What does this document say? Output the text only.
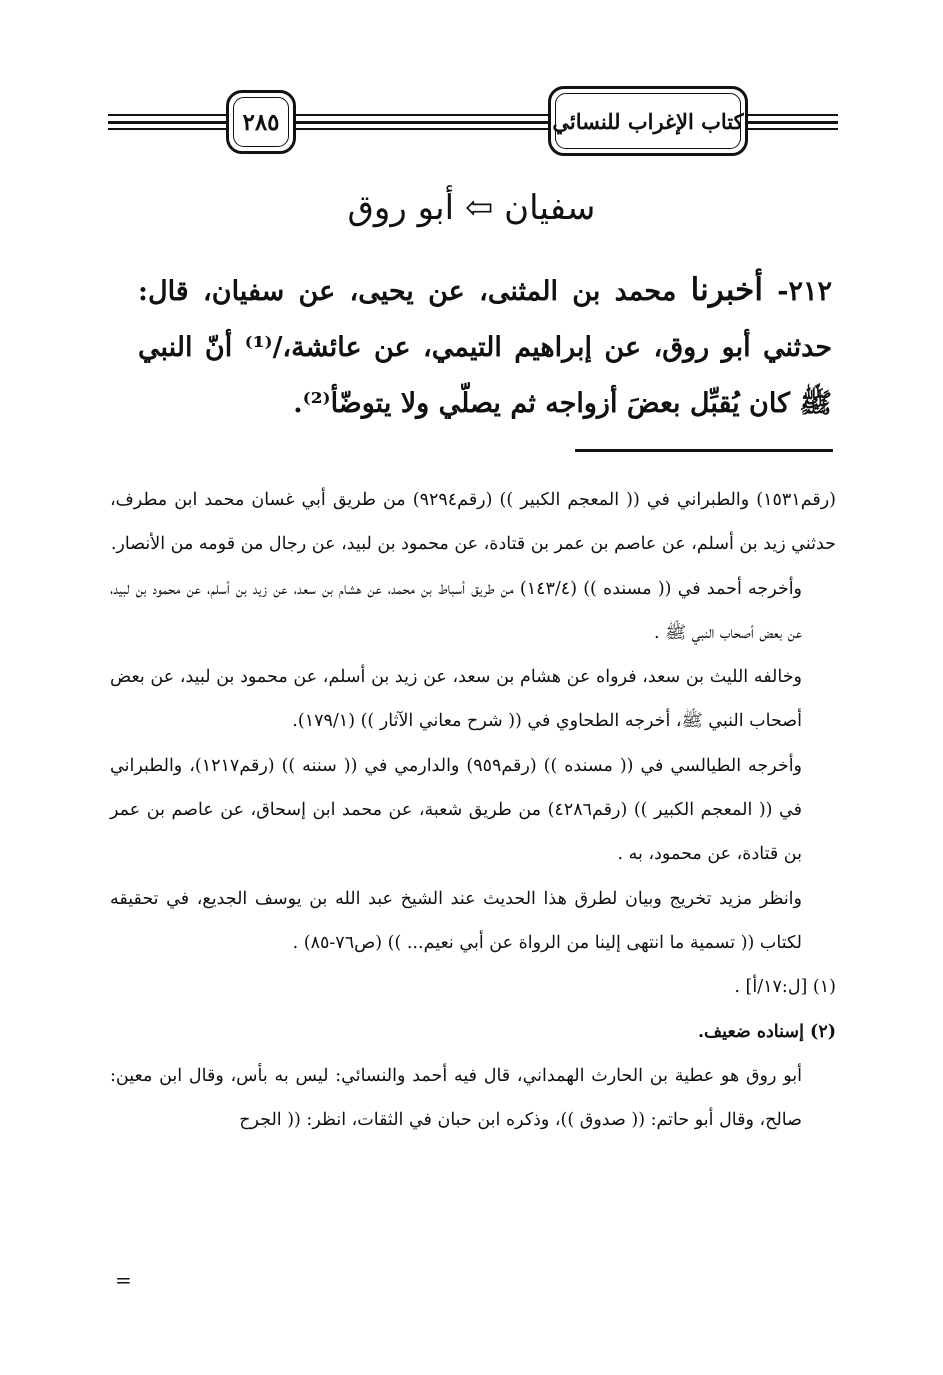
كتاب الإغراب للنسائي
٢٨٥
سفيان ⇦ أبو روق

٢١٢- أخبرنا محمد بن المثنى، عن يحيى، عن سفيان، قال: حدثني أبو روق، عن إبراهيم التيمي، عن عائشة،/⁽¹⁾ أنّ النبي ﷺ كان يُقبِّل بعضَ أزواجه ثم يصلّي ولا يتوضّأ⁽²⁾.

(رقم١٥٣١) والطبراني في (( المعجم الكبير )) (رقم٩٢٩٤) من طريق أبي غسان محمد ابن مطرف، حدثني زيد بن أسلم، عن عاصم بن عمر بن قتادة، عن محمود بن لبيد، عن رجال من قومه من الأنصار.

وأخرجه أحمد في (( مسنده )) (١٤٣/٤) من طريق أسباط بن محمد، عن هشام بن سعد، عن زيد بن أسلم، عن محمود بن لبيد، عن بعض أصحاب النبي ﷺ .

وخالفه الليث بن سعد، فرواه عن هشام بن سعد، عن زيد بن أسلم، عن محمود بن لبيد، عن بعض أصحاب النبي ﷺ، أخرجه الطحاوي في (( شرح معاني الآثار )) (١٧٩/١).

وأخرجه الطيالسي في (( مسنده )) (رقم٩٥٩) والدارمي في (( سننه )) (رقم١٢١٧)، والطبراني في (( المعجم الكبير )) (رقم٤٢٨٦) من طريق شعبة، عن محمد ابن إسحاق، عن عاصم بن عمر بن قتادة، عن محمود، به .

وانظر مزيد تخريج وبيان لطرق هذا الحديث عند الشيخ عبد الله بن يوسف الجديع، في تحقيقه لكتاب (( تسمية ما انتهى إلينا من الرواة عن أبي نعيم... )) (ص٧٦-٨٥) .

(١) [ل:١٧/أ] .

(٢) إسناده ضعيف.

أبو روق هو عطية بن الحارث الهمداني، قال فيه أحمد والنسائي: ليس به بأس، وقال ابن معين: صالح، وقال أبو حاتم: (( صدوق ))، وذكره ابن حبان في الثقات، انظر: (( الجرح

=
